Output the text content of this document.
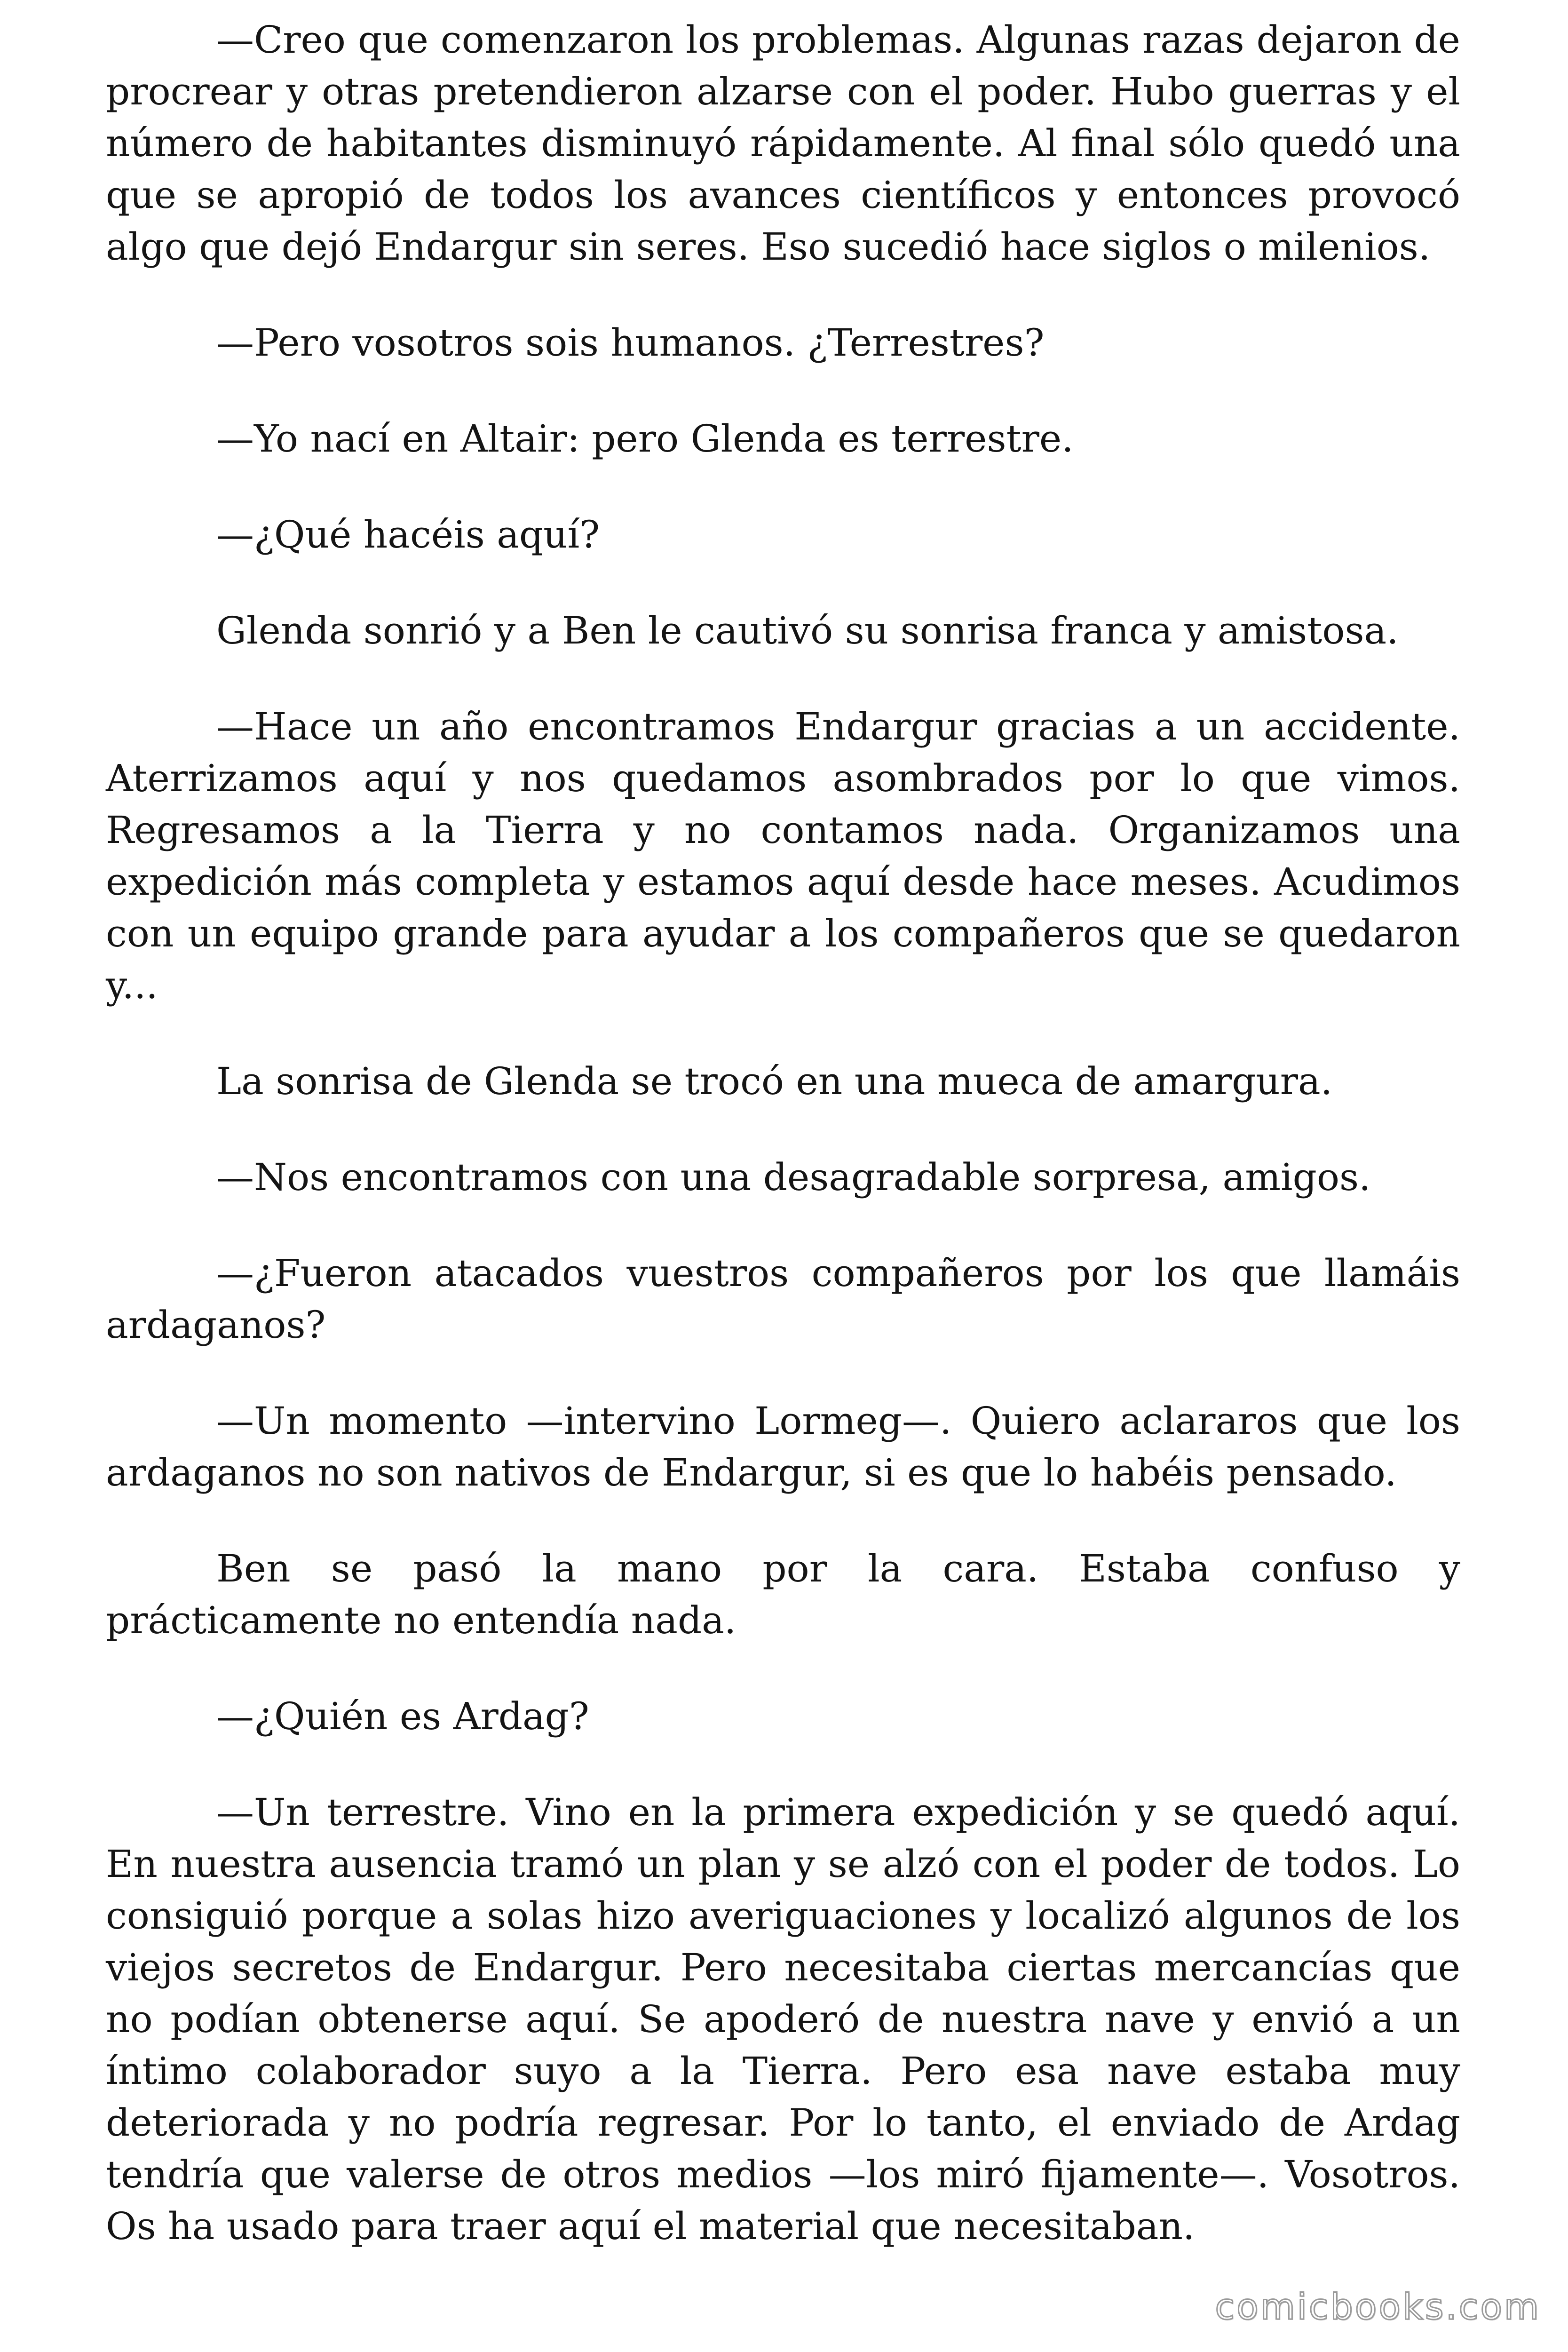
—Creo que comenzaron los problemas. Algunas razas dejaron de procrear y otras pretendieron alzarse con el poder. Hubo guerras y el número de habitantes disminuyó rápidamente. Al final sólo quedó una que se apropió de todos los avances científicos y entonces provocó algo que dejó Endargur sin seres. Eso sucedió hace siglos o milenios.

—Pero vosotros sois humanos. ¿Terrestres?

—Yo nací en Altair: pero Glenda es terrestre.

—¿Qué hacéis aquí?

Glenda sonrió y a Ben le cautivó su sonrisa franca y amistosa.

—Hace un año encontramos Endargur gracias a un accidente. Aterrizamos aquí y nos quedamos asombrados por lo que vimos. Regresamos a la Tierra y no contamos nada. Organizamos una expedición más completa y estamos aquí desde hace meses. Acudimos con un equipo grande para ayudar a los compañeros que se quedaron y...

La sonrisa de Glenda se trocó en una mueca de amargura.

—Nos encontramos con una desagradable sorpresa, amigos.

—¿Fueron atacados vuestros compañeros por los que llamáis ardaganos?

—Un momento —intervino Lormeg—. Quiero aclararos que los ardaganos no son nativos de Endargur, si es que lo habéis pensado.

Ben se pasó la mano por la cara. Estaba confuso y prácticamente no entendía nada.

—¿Quién es Ardag?

—Un terrestre. Vino en la primera expedición y se quedó aquí. En nuestra ausencia tramó un plan y se alzó con el poder de todos. Lo consiguió porque a solas hizo averiguaciones y localizó algunos de los viejos secretos de Endargur. Pero necesitaba ciertas mercancías que no podían obtenerse aquí. Se apoderó de nuestra nave y envió a un íntimo colaborador suyo a la Tierra. Pero esa nave estaba muy deteriorada y no podría regresar. Por lo tanto, el enviado de Ardag tendría que valerse de otros medios —los miró fijamente—. Vosotros. Os ha usado para traer aquí el material que necesitaban.

comicbooks.com
